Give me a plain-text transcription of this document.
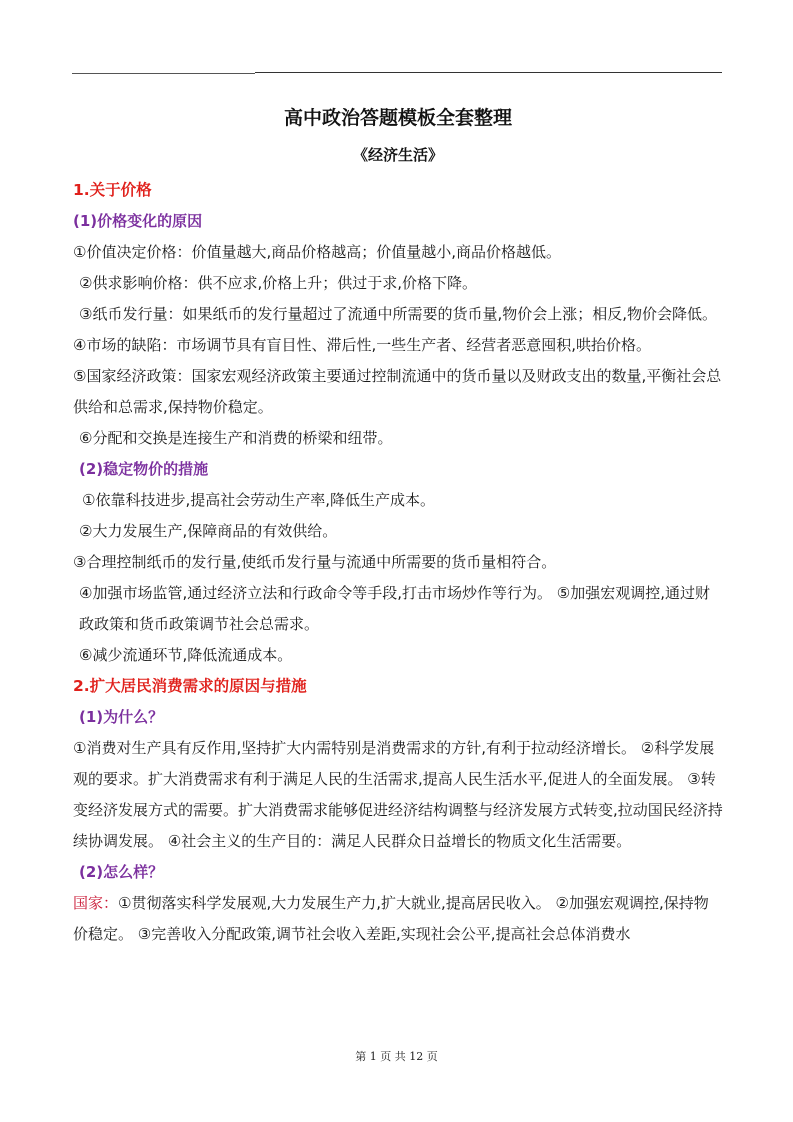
高中政治答题模板全套整理
《经济生活》
1.关于价格
(1)价格变化的原因

①价值决定价格：价值量越大,商品价格越高；价值量越小,商品价格越低。

②供求影响价格：供不应求,价格上升；供过于求,价格下降。

③纸币发行量：如果纸币的发行量超过了流通中所需要的货币量,物价会上涨；相反,物价会降低。

④市场的缺陷：市场调节具有盲目性、滞后性,一些生产者、经营者恶意囤积,哄抬价格。

⑤国家经济政策：国家宏观经济政策主要通过控制流通中的货币量以及财政支出的数量,平衡社会总供给和总需求,保持物价稳定。

⑥分配和交换是连接生产和消费的桥梁和纽带。

(2)稳定物价的措施

①依靠科技进步,提高社会劳动生产率,降低生产成本。

②大力发展生产,保障商品的有效供给。

③合理控制纸币的发行量,使纸币发行量与流通中所需要的货币量相符合。

④加强市场监管,通过经济立法和行政命令等手段,打击市场炒作等行为。 ⑤加强宏观调控,通过财政政策和货币政策调节社会总需求。

⑥减少流通环节,降低流通成本。

2.扩大居民消费需求的原因与措施
(1)为什么？

①消费对生产具有反作用,坚持扩大内需特别是消费需求的方针,有利于拉动经济增长。 ②科学发展观的要求。扩大消费需求有利于满足人民的生活需求,提高人民生活水平,促进人的全面发展。 ③转变经济发展方式的需要。扩大消费需求能够促进经济结构调整与经济发展方式转变,拉动国民经济持续协调发展。 ④社会主义的生产目的：满足人民群众日益增长的物质文化生活需要。

(2)怎么样？

国家：①贯彻落实科学发展观,大力发展生产力,扩大就业,提高居民收入。 ②加强宏观调控,保持物价稳定。 ③完善收入分配政策,调节社会收入差距,实现社会公平,提高社会总体消费水

第 1 页 共 12 页
